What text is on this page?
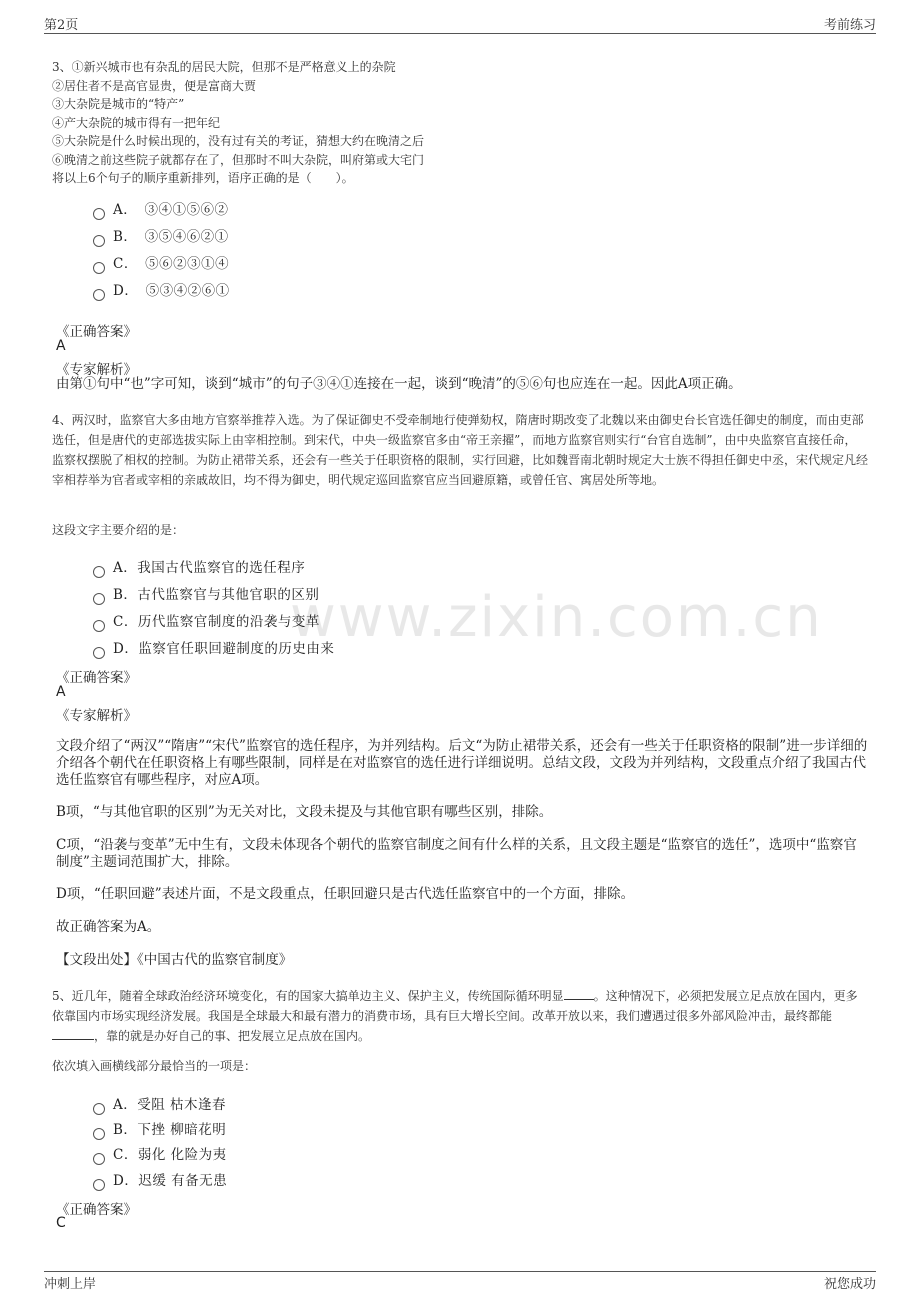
第2页	考前练习
www.zixin.com.cn
3、①新兴城市也有杂乱的居民大院，但那不是严格意义上的杂院
②居住者不是高官显贵，便是富商大贾
③大杂院是城市的“特产”
④产大杂院的城市得有一把年纪
⑤大杂院是什么时候出现的，没有过有关的考证，猜想大约在晚清之后
⑥晚清之前这些院子就都存在了，但那时不叫大杂院，叫府第或大宅门
将以上6个句子的顺序重新排列，语序正确的是（　　）。
A．　③④①⑤⑥②
B．　③⑤④⑥②①
C．　⑤⑥②③①④
D．　⑤③④②⑥①
《正确答案》
A
《专家解析》
由第①句中“也”字可知，谈到“城市”的句子③④①连接在一起，谈到“晚清”的⑤⑥句也应连在一起。因此A项正确。
4、两汉时，监察官大多由地方官察举推荐入选。为了保证御史不受牵制地行使弹劾权，隋唐时期改变了北魏以来由御史台长官选任御史的制度，而由吏部选任，但是唐代的吏部选拔实际上由宰相控制。到宋代，中央一级监察官多由“帝王亲擢”，而地方监察官则实行“台官自选制”，由中央监察官直接任命，监察权摆脱了相权的控制。为防止裙带关系，还会有一些关于任职资格的限制，实行回避，比如魏晋南北朝时规定大士族不得担任御史中丞，宋代规定凡经宰相荐举为官者或宰相的亲戚故旧，均不得为御史，明代规定巡回监察官应当回避原籍，或曾任官、寓居处所等地。
这段文字主要介绍的是：
A．我国古代监察官的选任程序
B．古代监察官与其他官职的区别
C．历代监察官制度的沿袭与变革
D．监察官任职回避制度的历史由来
《正确答案》
A
《专家解析》
文段介绍了“两汉”“隋唐”“宋代”监察官的选任程序，为并列结构。后文“为防止裙带关系，还会有一些关于任职资格的限制”进一步详细的介绍各个朝代在任职资格上有哪些限制，同样是在对监察官的选任进行详细说明。总结文段，文段为并列结构，文段重点介绍了我国古代选任监察官有哪些程序，对应A项。
B项，“与其他官职的区别”为无关对比，文段未提及与其他官职有哪些区别，排除。
C项，“沿袭与变革”无中生有，文段未体现各个朝代的监察官制度之间有什么样的关系，且文段主题是“监察官的选任”，选项中“监察官制度”主题词范围扩大，排除。
D项，“任职回避”表述片面，不是文段重点，任职回避只是古代选任监察官中的一个方面，排除。
故正确答案为A。
【文段出处】《中国古代的监察官制度》
5、近几年，随着全球政治经济环境变化，有的国家大搞单边主义、保护主义，传统国际循环明显	。这种情况下，必须把发展立足点放在国内，更多依靠国内市场实现经济发展。我国是全球最大和最有潜力的消费市场，具有巨大增长空间。改革开放以来，我们遭遇过很多外部风险冲击，最终都能，靠的就是办好自己的事、把发展立足点放在国内。
依次填入画横线部分最恰当的一项是：
A．受阻 枯木逢春
B．下挫 柳暗花明
C．弱化 化险为夷
D．迟缓 有备无患
《正确答案》
C
冲刺上岸	祝您成功
